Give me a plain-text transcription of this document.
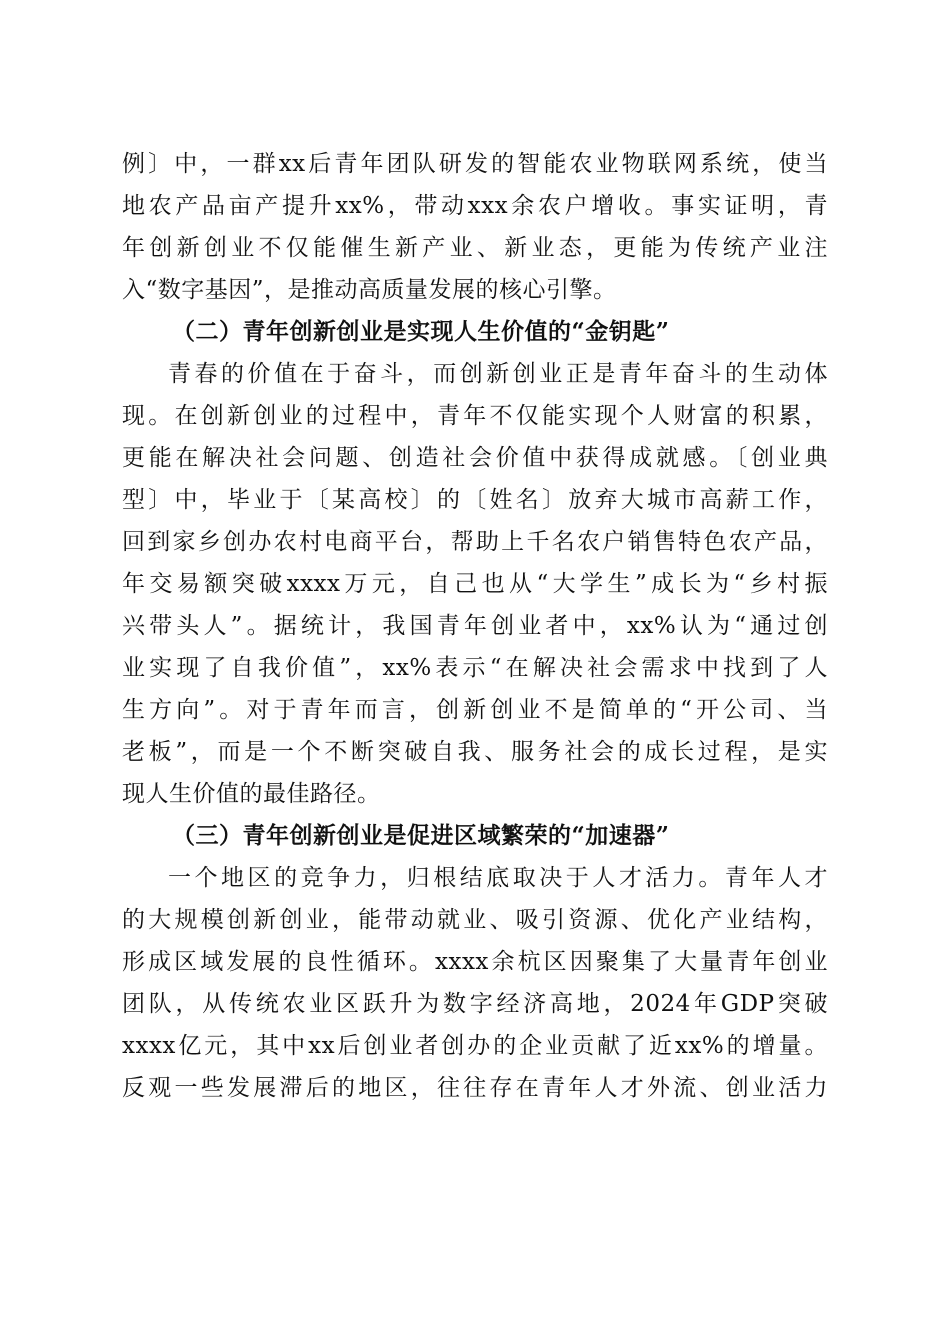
例〕中，一群xx后青年团队研发的智能农业物联网系统，使当
地农产品亩产提升xx%，带动xxx余农户增收。事实证明，青
年创新创业不仅能催生新产业、新业态，更能为传统产业注
入“数字基因”，是推动高质量发展的核心引擎。
（二）青年创新创业是实现人生价值的“金钥匙”
青春的价值在于奋斗，而创新创业正是青年奋斗的生动体
现。在创新创业的过程中，青年不仅能实现个人财富的积累，
更能在解决社会问题、创造社会价值中获得成就感。〔创业典
型〕中，毕业于〔某高校〕的〔姓名〕放弃大城市高薪工作，
回到家乡创办农村电商平台，帮助上千名农户销售特色农产品，
年交易额突破xxxx万元，自己也从“大学生”成长为“乡村振
兴带头人”。据统计，我国青年创业者中，xx%认为“通过创
业实现了自我价值”，xx%表示“在解决社会需求中找到了人
生方向”。对于青年而言，创新创业不是简单的“开公司、当
老板”，而是一个不断突破自我、服务社会的成长过程，是实
现人生价值的最佳路径。
（三）青年创新创业是促进区域繁荣的“加速器”
一个地区的竞争力，归根结底取决于人才活力。青年人才
的大规模创新创业，能带动就业、吸引资源、优化产业结构，
形成区域发展的良性循环。xxxx余杭区因聚集了大量青年创业
团队，从传统农业区跃升为数字经济高地，2024年GDP突破
xxxx亿元，其中xx后创业者创办的企业贡献了近xx%的增量。
反观一些发展滞后的地区，往往存在青年人才外流、创业活力
